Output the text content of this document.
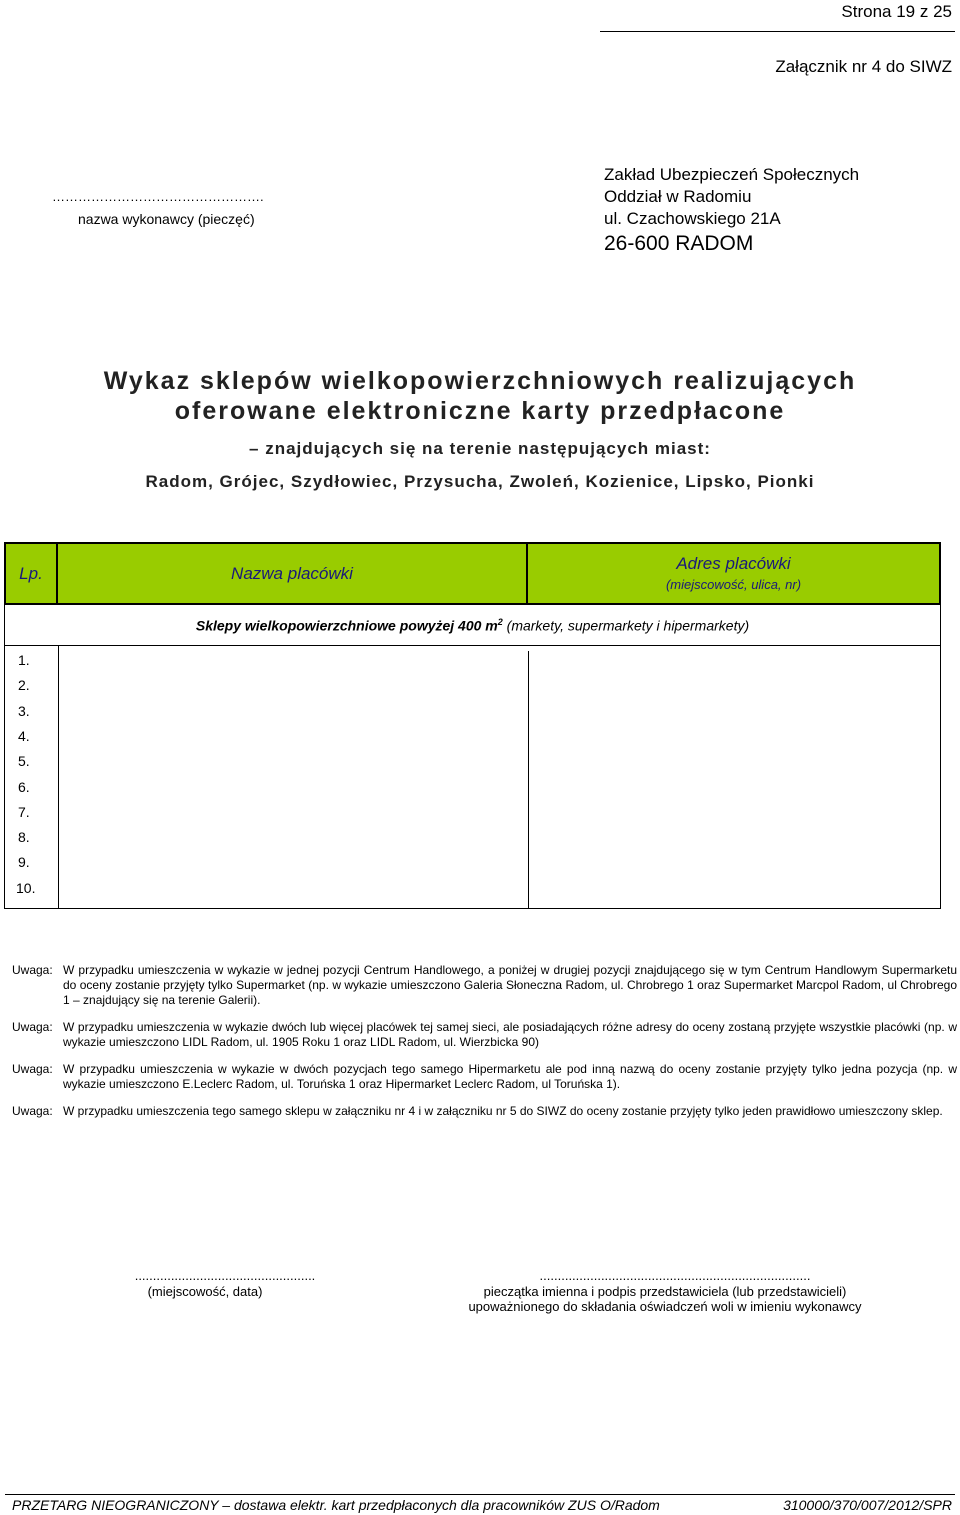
Strona 19 z 25
Załącznik nr 4 do SIWZ
………………………………………….
nazwa wykonawcy (pieczęć)
Zakład Ubezpieczeń Społecznych
Oddział w Radomiu
ul. Czachowskiego 21A
26-600 RADOM
Wykaz sklepów wielkopowierzchniowych realizujących
oferowane elektroniczne karty przedpłacone
– znajdujących się na terenie następujących miast:
Radom, Grójec, Szydłowiec, Przysucha, Zwoleń, Kozienice, Lipsko, Pionki
Lp.	Nazwa placówki
Adres placówki
(miejscowość, ulica, nr)
Sklepy wielkopowierzchniowe powyżej 400 $m^2$ (markety, supermarkety i hipermarkety)
1.
2.
3.
4.
5.
6.
7.
8.
9.
10.
Uwaga: W przypadku umieszczenia w wykazie w jednej pozycji Centrum Handlowego, a poniżej w drugiej pozycji znajdującego się w tym Centrum Handlowym Supermarketu do oceny zostanie przyjęty tylko Supermarket (np. w wykazie umieszczono Galeria Słoneczna Radom, ul. Chrobrego 1 oraz Supermarket Marcpol Radom, ul Chrobrego 1 – znajdujący się na terenie Galerii).
Uwaga: W przypadku umieszczenia w wykazie dwóch lub więcej placówek tej samej sieci, ale posiadających różne adresy do oceny zostaną przyjęte wszystkie placówki (np. w wykazie umieszczono LIDL Radom, ul. 1905 Roku 1 oraz LIDL Radom, ul. Wierzbicka 90)
Uwaga: W przypadku umieszczenia w wykazie w dwóch pozycjach tego samego Hipermarketu ale pod inną nazwą do oceny zostanie przyjęty tylko jedna pozycja (np. w wykazie umieszczono E.Leclerc Radom, ul. Toruńska 1 oraz Hipermarket Leclerc Radom, ul Toruńska 1).
Uwaga: W przypadku umieszczenia tego samego sklepu w załączniku nr 4 i w załączniku nr 5 do SIWZ do oceny zostanie przyjęty tylko jeden prawidłowo umieszczony sklep.
..................................................
(miejscowość, data)
...........................................................................
pieczątka imienna i podpis przedstawiciela (lub przedstawicieli)
upoważnionego do składania oświadczeń woli w imieniu wykonawcy
PRZETARG NIEOGRANICZONY – dostawa elektr. kart przedpłaconych dla pracowników ZUS O/Radom	310000/370/007/2012/SPR
